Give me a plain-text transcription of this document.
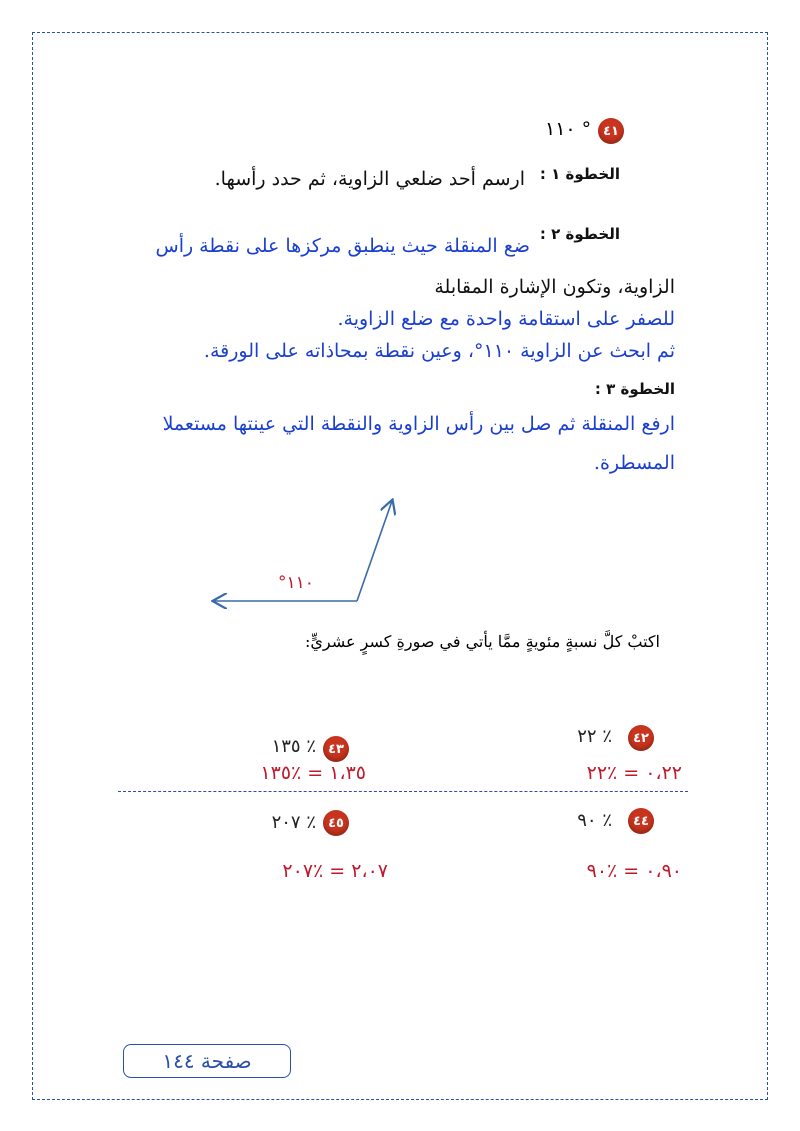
٤١
١١٠ °
الخطوة ١ :
ارسم أحد ضلعي الزاوية، ثم حدد رأسها.
الخطوة ٢ :
ضع المنقلة حيث ينطبق مركزها على نقطة رأس
الزاوية، وتكون الإشارة المقابلة
للصفر على استقامة واحدة مع ضلع الزاوية.
ثم ابحث عن الزاوية ١١٠°، وعين نقطة بمحاذاته على الورقة.
الخطوة ٣ :
ارفع المنقلة ثم صل بين رأس الزاوية والنقطة التي عينتها مستعملا
المسطرة.
°١١٠
اكتبْ كلَّ نسبةٍ مئويةٍ ممَّا يأتي في صورةِ كسرٍ عشريٍّ:
٤٢
٪ ٢٢
٠،٢٢ = ٪٢٢
٤٣
٪ ١٣٥
١،٣٥ = ٪١٣٥
٤٤
٪ ٩٠
٠،٩٠ = ٪٩٠
٤٥
٪ ٢٠٧
٢،٠٧ = ٪٢٠٧
صفحة ١٤٤
